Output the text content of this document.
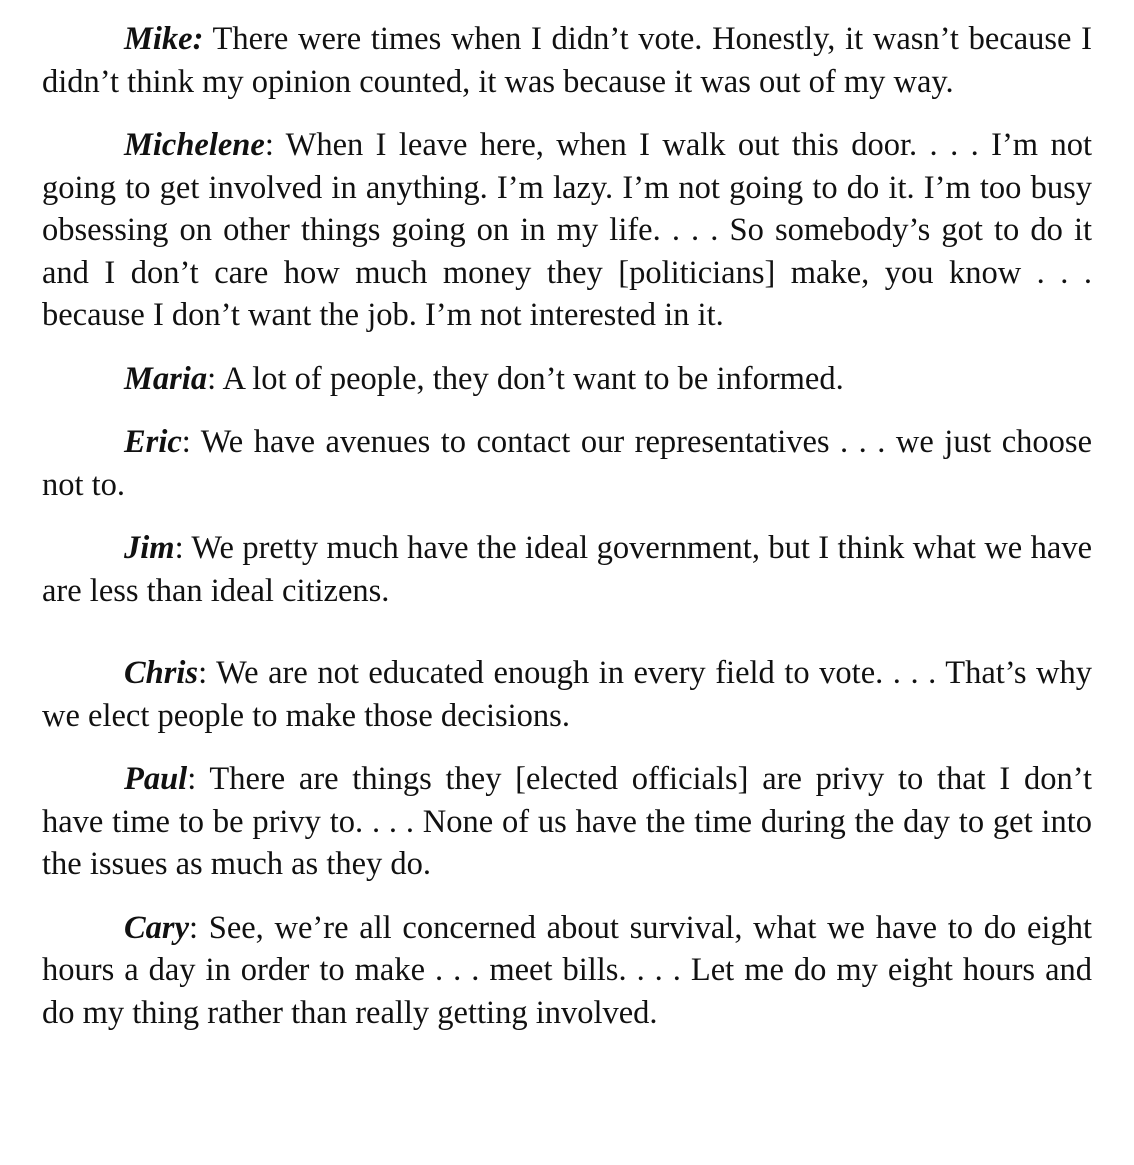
Mike: There were times when I didn’t vote. Honestly, it wasn’t because I didn’t think my opinion counted, it was because it was out of my way.

Michelene: When I leave here, when I walk out this door. . . . I’m not going to get involved in anything. I’m lazy. I’m not going to do it. I’m too busy obsessing on other things going on in my life. . . . So somebody’s got to do it and I don’t care how much money they [politicians] make, you know . . . because I don’t want the job. I’m not interested in it.

Maria: A lot of people, they don’t want to be informed.

Eric: We have avenues to contact our representatives . . . we just choose not to.

Jim: We pretty much have the ideal government, but I think what we have are less than ideal citizens.

Chris: We are not educated enough in every field to vote. . . . That’s why we elect people to make those decisions.

Paul: There are things they [elected officials] are privy to that I don’t have time to be privy to. . . . None of us have the time during the day to get into the issues as much as they do.

Cary: See, we’re all concerned about survival, what we have to do eight hours a day in order to make . . . meet bills. . . . Let me do my eight hours and do my thing rather than really getting involved.
